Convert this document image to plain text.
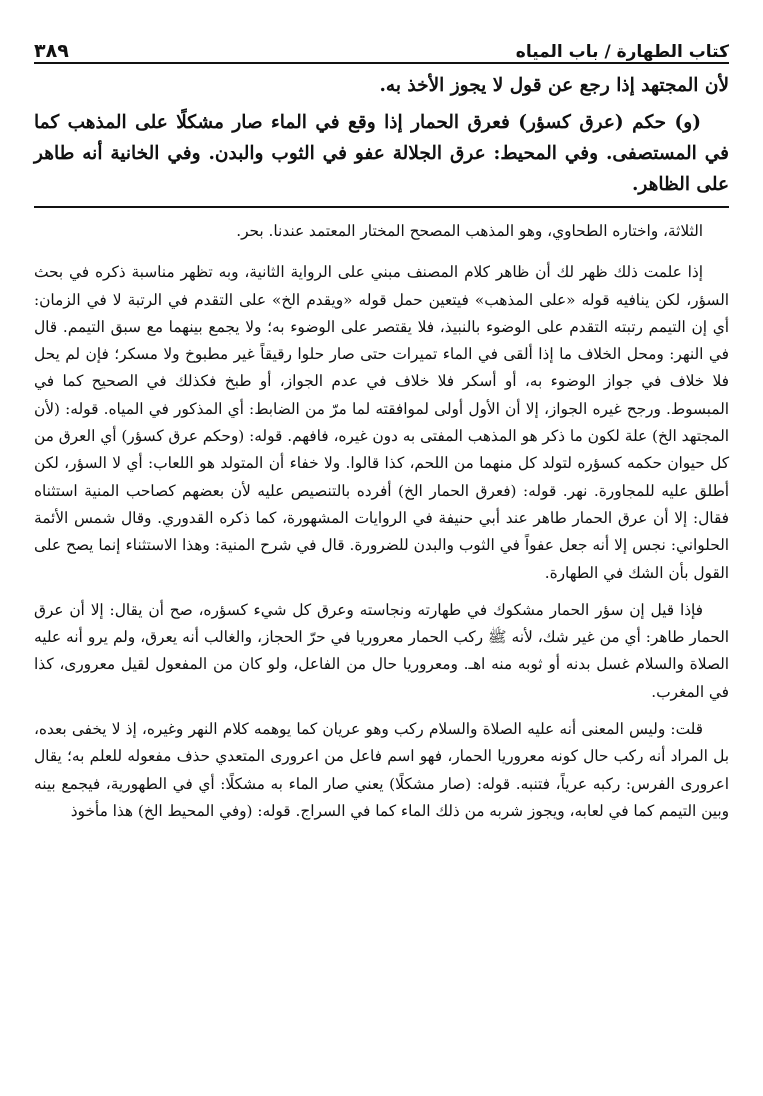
كتاب الطهارة / باب المياه
٣٨٩

لأن المجتهد إذا رجع عن قول لا يجوز الأخذ به.

(و) حكم (عرق كسؤر) فعرق الحمار إذا وقع في الماء صار مشكلًا على المذهب كما في المستصفى. وفي المحيط: عرق الجلالة عفو في الثوب والبدن. وفي الخانية أنه طاهر على الظاهر.

الثلاثة، واختاره الطحاوي، وهو المذهب المصحح المختار المعتمد عندنا. بحر.

إذا علمت ذلك ظهر لك أن ظاهر كلام المصنف مبني على الرواية الثانية، وبه تظهر مناسبة ذكره في بحث السؤر، لكن ينافيه قوله «على المذهب» فيتعين حمل قوله «ويقدم الخ» على التقدم في الرتبة لا في الزمان: أي إن التيمم رتبته التقدم على الوضوء بالنبيذ، فلا يقتصر على الوضوء به؛ ولا يجمع بينهما مع سبق التيمم. قال في النهر: ومحل الخلاف ما إذا ألقى في الماء تميرات حتى صار حلوا رقيقاً غير مطبوخ ولا مسكر؛ فإن لم يحل فلا خلاف في جواز الوضوء به، أو أسكر فلا خلاف في عدم الجواز، أو طبخ فكذلك في الصحيح كما في المبسوط. ورجح غيره الجواز، إلا أن الأول أولى لموافقته لما مرّ من الضابط: أي المذكور في المياه. قوله: (لأن المجتهد الخ) علة لكون ما ذكر هو المذهب المفتى به دون غيره، فافهم. قوله: (وحكم عرق كسؤر) أي العرق من كل حيوان حكمه كسؤره لتولد كل منهما من اللحم، كذا قالوا. ولا خفاء أن المتولد هو اللعاب: أي لا السؤر، لكن أطلق عليه للمجاورة. نهر. قوله: (فعرق الحمار الخ) أفرده بالتنصيص عليه لأن بعضهم كصاحب المنية استثناه فقال: إلا أن عرق الحمار طاهر عند أبي حنيفة في الروايات المشهورة، كما ذكره القدوري. وقال شمس الأئمة الحلواني: نجس إلا أنه جعل عفواً في الثوب والبدن للضرورة. قال في شرح المنية: وهذا الاستثناء إنما يصح على القول بأن الشك في الطهارة.

فإذا قيل إن سؤر الحمار مشكوك في طهارته ونجاسته وعرق كل شيء كسؤره، صح أن يقال: إلا أن عرق الحمار طاهر: أي من غير شك، لأنه ﷺ ركب الحمار معروريا في حرّ الحجاز، والغالب أنه يعرق، ولم يرو أنه عليه الصلاة والسلام غسل بدنه أو ثوبه منه اهـ. ومعروريا حال من الفاعل، ولو كان من المفعول لقيل معرورى، كذا في المغرب.

قلت: وليس المعنى أنه عليه الصلاة والسلام ركب وهو عريان كما يوهمه كلام النهر وغيره، إذ لا يخفى بعده، بل المراد أنه ركب حال كونه معروريا الحمار، فهو اسم فاعل من اعرورى المتعدي حذف مفعوله للعلم به؛ يقال اعرورى الفرس: ركبه عرياً، فتنبه. قوله: (صار مشكلًا) يعني صار الماء به مشكلًا: أي في الطهورية، فيجمع بينه وبين التيمم كما في لعابه، ويجوز شربه من ذلك الماء كما في السراج. قوله: (وفي المحيط الخ) هذا مأخوذ
